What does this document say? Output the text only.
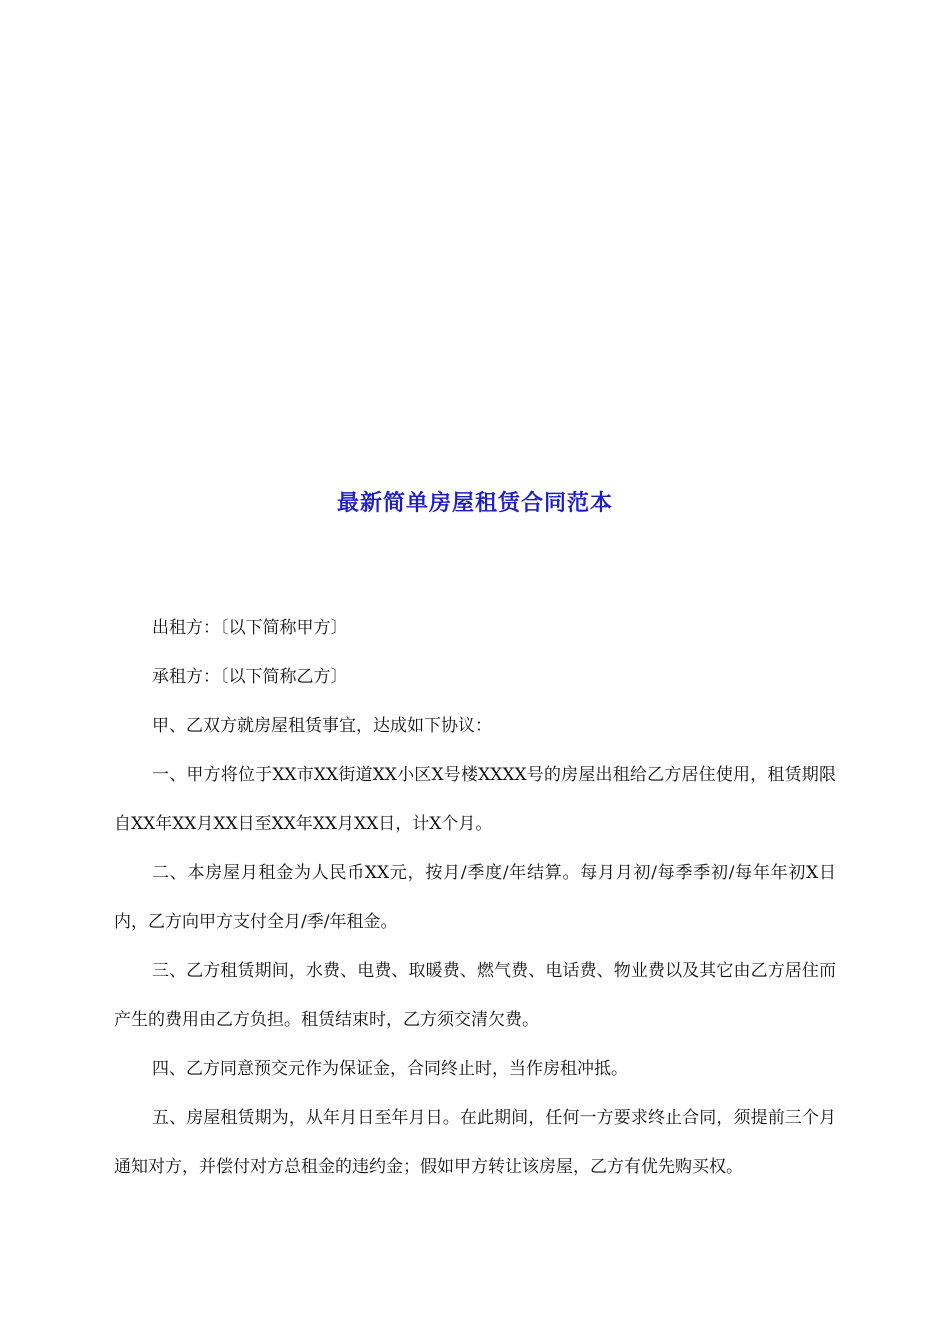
最新简单房屋租赁合同范本

出租方：〔以下简称甲方〕

承租方：〔以下简称乙方〕

甲、乙双方就房屋租赁事宜，达成如下协议：

一、甲方将位于XX市XX街道XX小区X号楼XXXX号的房屋出租给乙方居住使用，租赁期限自XX年XX月XX日至XX年XX月XX日，计X个月。

二、本房屋月租金为人民币XX元，按月/季度/年结算。每月月初/每季季初/每年年初X日内，乙方向甲方支付全月/季/年租金。

三、乙方租赁期间，水费、电费、取暖费、燃气费、电话费、物业费以及其它由乙方居住而产生的费用由乙方负担。租赁结束时，乙方须交清欠费。

四、乙方同意预交元作为保证金，合同终止时，当作房租冲抵。

五、房屋租赁期为，从年月日至年月日。在此期间，任何一方要求终止合同，须提前三个月通知对方，并偿付对方总租金的违约金；假如甲方转让该房屋，乙方有优先购买权。
